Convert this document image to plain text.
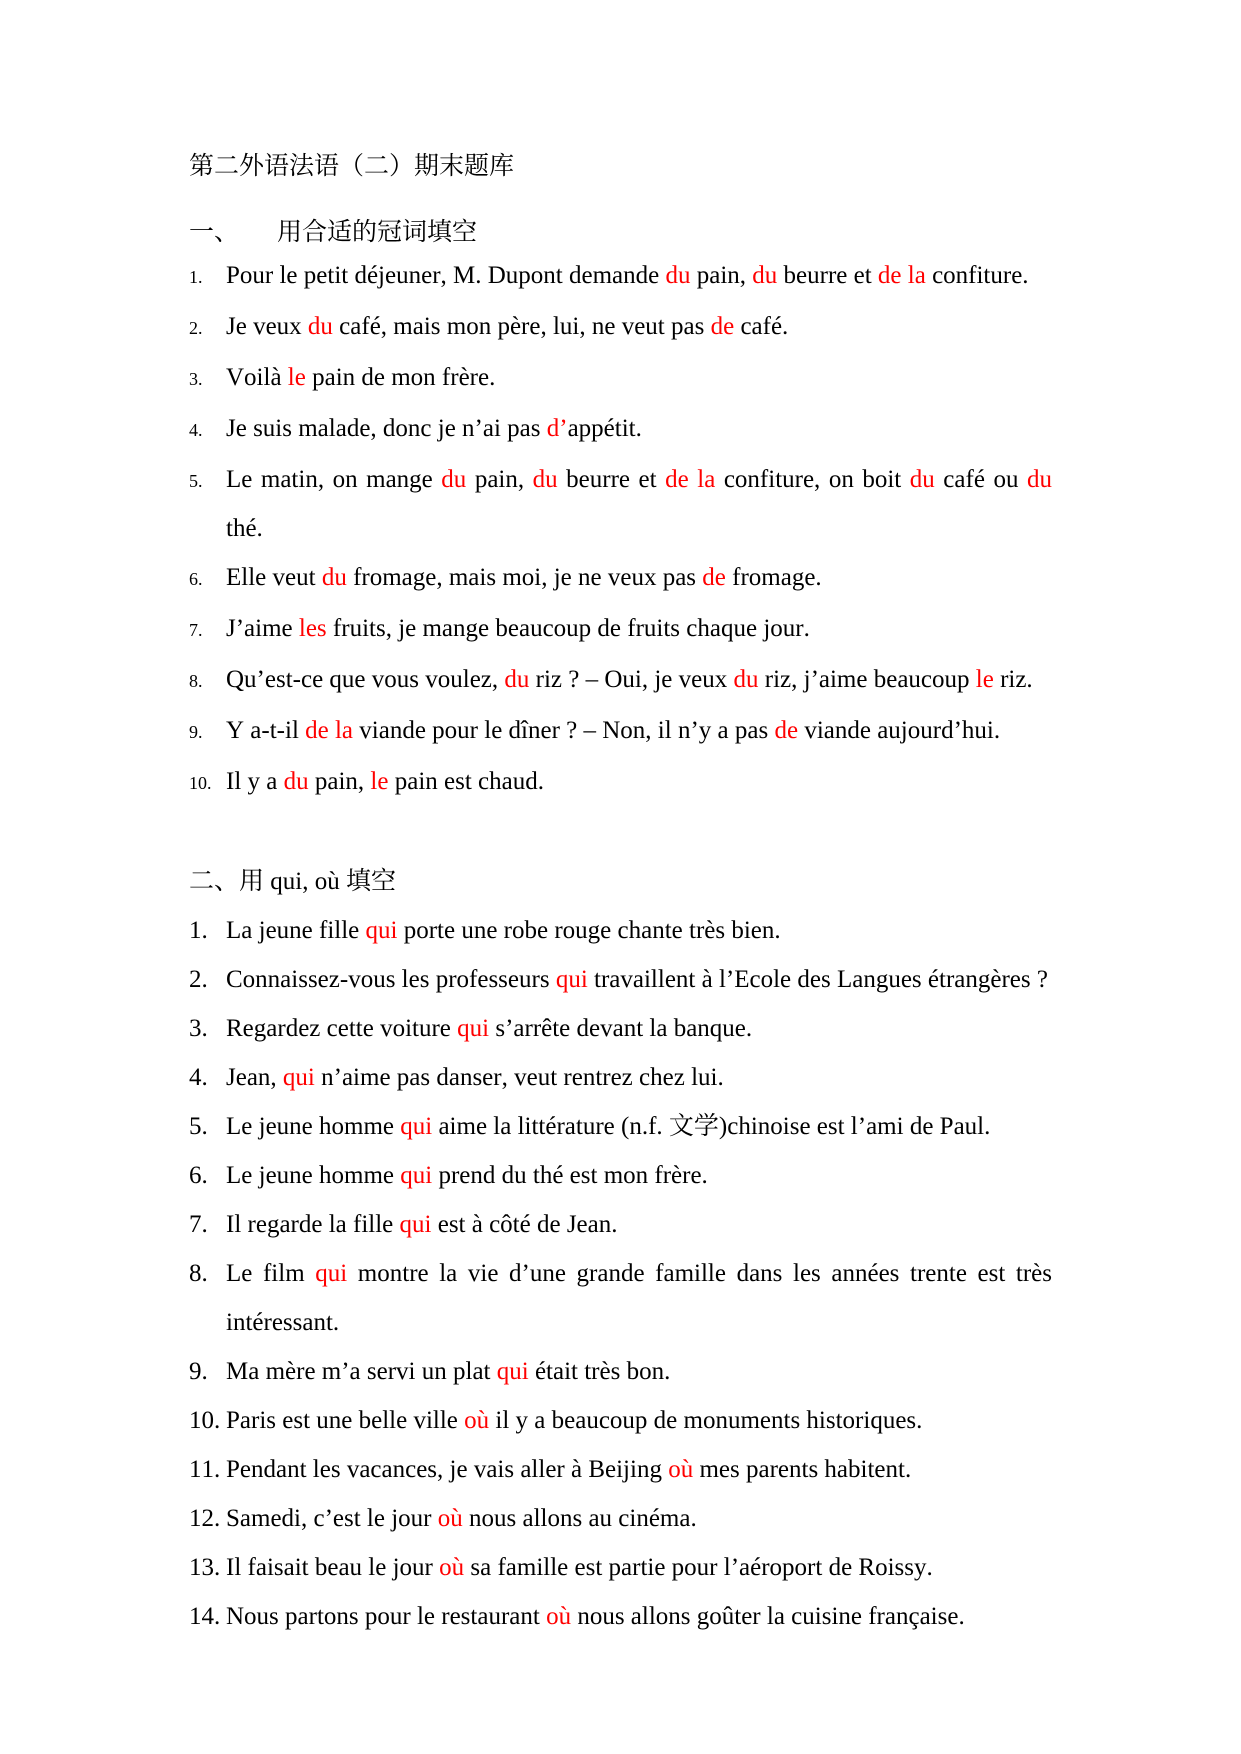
第二外语法语（二）期末题库
一、 用合适的冠词填空
1. Pour le petit déjeuner, M. Dupont demande du pain, du beurre et de la confiture.
2. Je veux du café, mais mon père, lui, ne veut pas de café.
3. Voilà le pain de mon frère.
4. Je suis malade, donc je n’ai pas d’appétit.
5. Le matin, on mange du pain, du beurre et de la confiture, on boit du café ou du thé.
6. Elle veut du fromage, mais moi, je ne veux pas de fromage.
7. J’aime les fruits, je mange beaucoup de fruits chaque jour.
8. Qu’est-ce que vous voulez, du riz ? – Oui, je veux du riz, j’aime beaucoup le riz.
9. Y a-t-il de la viande pour le dîner ? – Non, il n’y a pas de viande aujourd’hui.
10. Il y a du pain, le pain est chaud.
二、用 qui, où 填空
1. La jeune fille qui porte une robe rouge chante très bien.
2. Connaissez-vous les professeurs qui travaillent à l’Ecole des Langues étrangères ?
3. Regardez cette voiture qui s’arrête devant la banque.
4. Jean, qui n’aime pas danser, veut rentrez chez lui.
5. Le jeune homme qui aime la littérature (n.f. 文学)chinoise est l’ami de Paul.
6. Le jeune homme qui prend du thé est mon frère.
7. Il regarde la fille qui est à côté de Jean.
8. Le film qui montre la vie d’une grande famille dans les années trente est très intéressant.
9. Ma mère m’a servi un plat qui était très bon.
10. Paris est une belle ville où il y a beaucoup de monuments historiques.
11. Pendant les vacances, je vais aller à Beijing où mes parents habitent.
12. Samedi, c’est le jour où nous allons au cinéma.
13. Il faisait beau le jour où sa famille est partie pour l’aéroport de Roissy.
14. Nous partons pour le restaurant où nous allons goûter la cuisine française.
